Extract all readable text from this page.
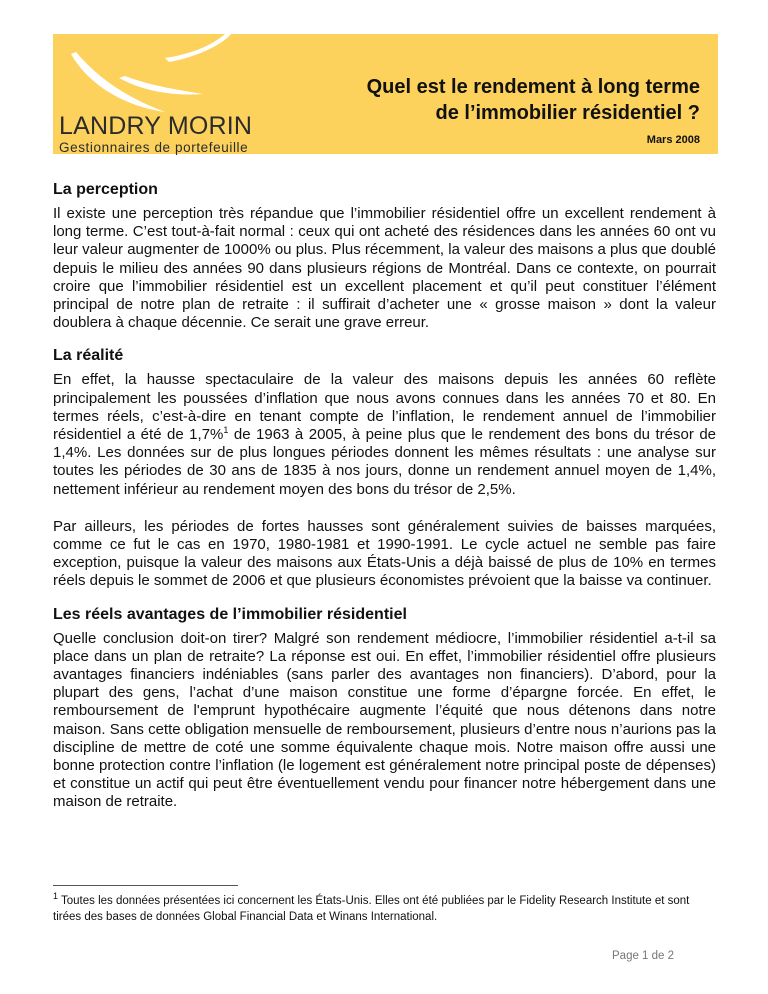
LANDRY MORIN
Gestionnaires de portefeuille
Quel est le rendement à long terme
de l’immobilier résidentiel ?
Mars 2008
La perception

Il existe une perception très répandue que l’immobilier résidentiel offre un excellent rendement à long terme. C’est tout-à-fait normal : ceux qui ont acheté des résidences dans les années 60 ont vu leur valeur augmenter de 1000% ou plus. Plus récemment, la valeur des maisons a plus que doublé depuis le milieu des années 90 dans plusieurs régions de Montréal. Dans ce contexte, on pourrait croire que l’immobilier résidentiel est un excellent placement et qu’il peut constituer l’élément principal de notre plan de retraite : il suffirait d’acheter une « grosse maison » dont la valeur doublera à chaque décennie. Ce serait une grave erreur.

La réalité

En effet, la hausse spectaculaire de la valeur des maisons depuis les années 60 reflète principalement les poussées d’inflation que nous avons connues dans les années 70 et 80. En termes réels, c’est-à-dire en tenant compte de l’inflation, le rendement annuel de l’immobilier résidentiel a été de 1,7%$^1$ de 1963 à 2005, à peine plus que le rendement des bons du trésor de 1,4%. Les données sur de plus longues périodes donnent les mêmes résultats : une analyse sur toutes les périodes de 30 ans de 1835 à nos jours, donne un rendement annuel moyen de 1,4%, nettement inférieur au rendement moyen des bons du trésor de 2,5%.

Par ailleurs, les périodes de fortes hausses sont généralement suivies de baisses marquées, comme ce fut le cas en 1970, 1980-1981 et 1990-1991. Le cycle actuel ne semble pas faire exception, puisque la valeur des maisons aux États-Unis a déjà baissé de plus de 10% en termes réels depuis le sommet de 2006 et que plusieurs économistes prévoient que la baisse va continuer.

Les réels avantages de l’immobilier résidentiel

Quelle conclusion doit-on tirer? Malgré son rendement médiocre, l’immobilier résidentiel a-t-il sa place dans un plan de retraite? La réponse est oui. En effet, l’immobilier résidentiel offre plusieurs avantages financiers indéniables (sans parler des avantages non financiers). D’abord, pour la plupart des gens, l’achat d’une maison constitue une forme d’épargne forcée. En effet, le remboursement de l'emprunt hypothécaire augmente l’équité que nous détenons dans notre maison. Sans cette obligation mensuelle de remboursement, plusieurs d’entre nous n’aurions pas la discipline de mettre de coté une somme équivalente chaque mois. Notre maison offre aussi une bonne protection contre l’inflation (le logement est généralement notre principal poste de dépenses) et constitue un actif qui peut être éventuellement vendu pour financer notre hébergement dans une maison de retraite.

$^1$ Toutes les données présentées ici concernent les États-Unis. Elles ont été publiées par le Fidelity Research Institute et sont tirées des bases de données Global Financial Data et Winans International.
Page 1 de 2
